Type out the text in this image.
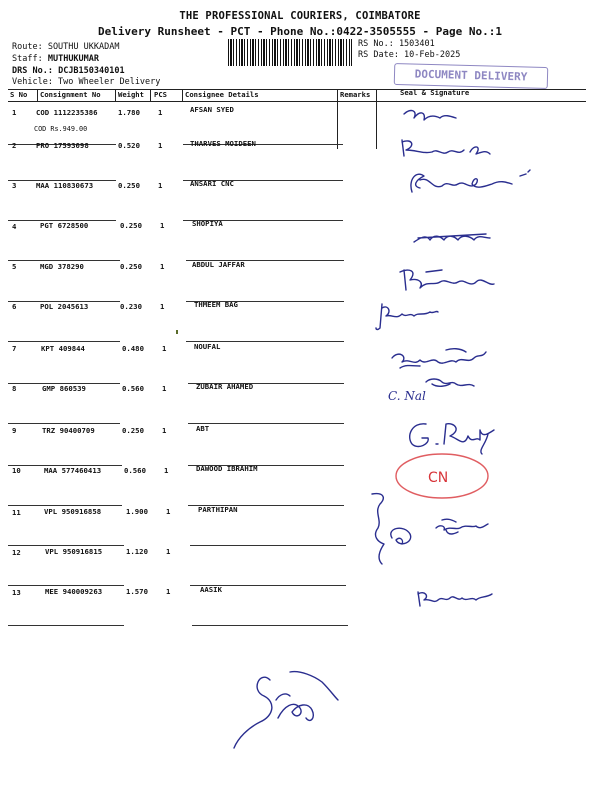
THE PROFESSIONAL COURIERS, COIMBATORE
Delivery Runsheet - PCT - Phone No.:0422-3505555 - Page No.:1
Route: SOUTHU UKKADAM
Staff: MUTHUKUMAR
DRS No.: DCJB150340101
Vehicle: Two Wheeler Delivery
RS No.: 1503401
RS Date: 10-Feb-2025
DOCUMENT DELIVERY
S No Consignment No Weight PCS	Consignee Details	Remarks	Seal & Signature
1	COD 1112235386	1.780 1	AFSAN SYED
COD Rs.949.00
2	PRO 17593098	0.520 1	THARVES MOIDEEN
3	MAA 110830673	0.250 1	ANSARI CNC
4	PGT 6728500	0.250 1	SHOPIYA
5	MGD 378290	0.250 1	ABDUL JAFFAR
6	POL 2045613	0.230 1	THMEEM BAG
7	KPT 409844	0.480 1	NOUFAL
8	GMP 860539	0.560 1	ZUBAIR AHAMED
9	TRZ 90400709	0.250 1	ABT
10	MAA 577460413	0.560 1	DAWOOD IBRAHIM
11	VPL 950916858	1.900 1	PARTHIPAN
12	VPL 950916815	1.120 1
13	MEE 940009263	1.570 1	AASIK
C. Nal
CN
